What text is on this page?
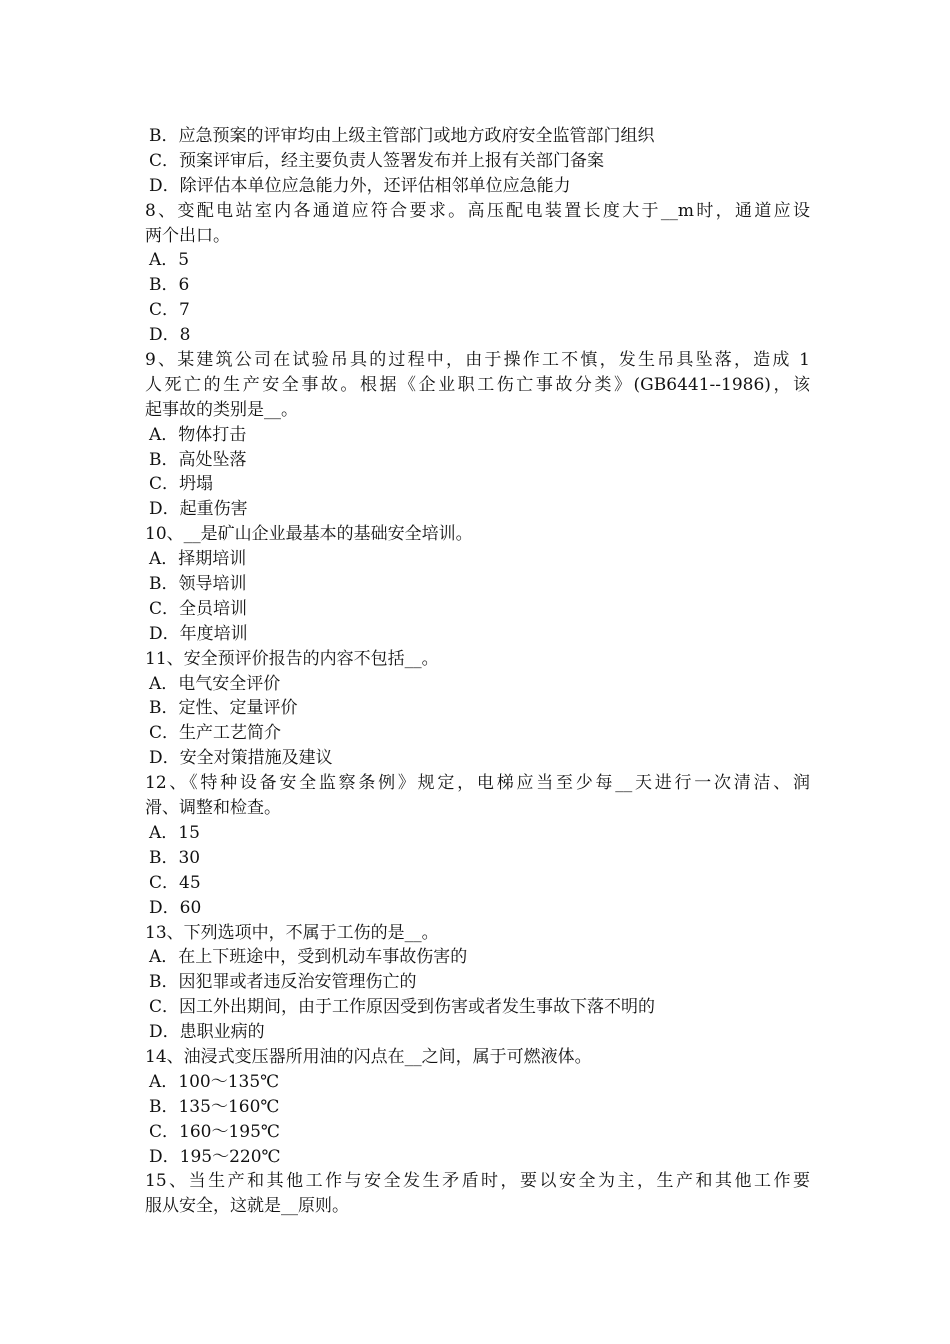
B．应急预案的评审均由上级主管部门或地方政府安全监管部门组织
C．预案评审后，经主要负责人签署发布并上报有关部门备案
D．除评估本单位应急能力外，还评估相邻单位应急能力
8、变配电站室内各通道应符合要求。高压配电装置长度大于__m时，通道应设
两个出口。
A．5
B．6
C．7
D．8
9、某建筑公司在试验吊具的过程中，由于操作工不慎，发生吊具坠落，造成 1
人死亡的生产安全事故。根据《企业职工伤亡事故分类》(GB6441--1986)，该
起事故的类别是__。
A．物体打击
B．高处坠落
C．坍塌
D．起重伤害
10、__是矿山企业最基本的基础安全培训。
A．择期培训
B．领导培训
C．全员培训
D．年度培训
11、安全预评价报告的内容不包括__。
A．电气安全评价
B．定性、定量评价
C．生产工艺简介
D．安全对策措施及建议
12、《特种设备安全监察条例》规定，电梯应当至少每__天进行一次清洁、润
滑、调整和检查。
A．15
B．30
C．45
D．60
13、下列选项中，不属于工伤的是__。
A．在上下班途中，受到机动车事故伤害的
B．因犯罪或者违反治安管理伤亡的
C．因工外出期间，由于工作原因受到伤害或者发生事故下落不明的
D．患职业病的
14、油浸式变压器所用油的闪点在__之间，属于可燃液体。
A．100～135℃
B．135～160℃
C．160～195℃
D．195～220℃
15、当生产和其他工作与安全发生矛盾时，要以安全为主，生产和其他工作要
服从安全，这就是__原则。
